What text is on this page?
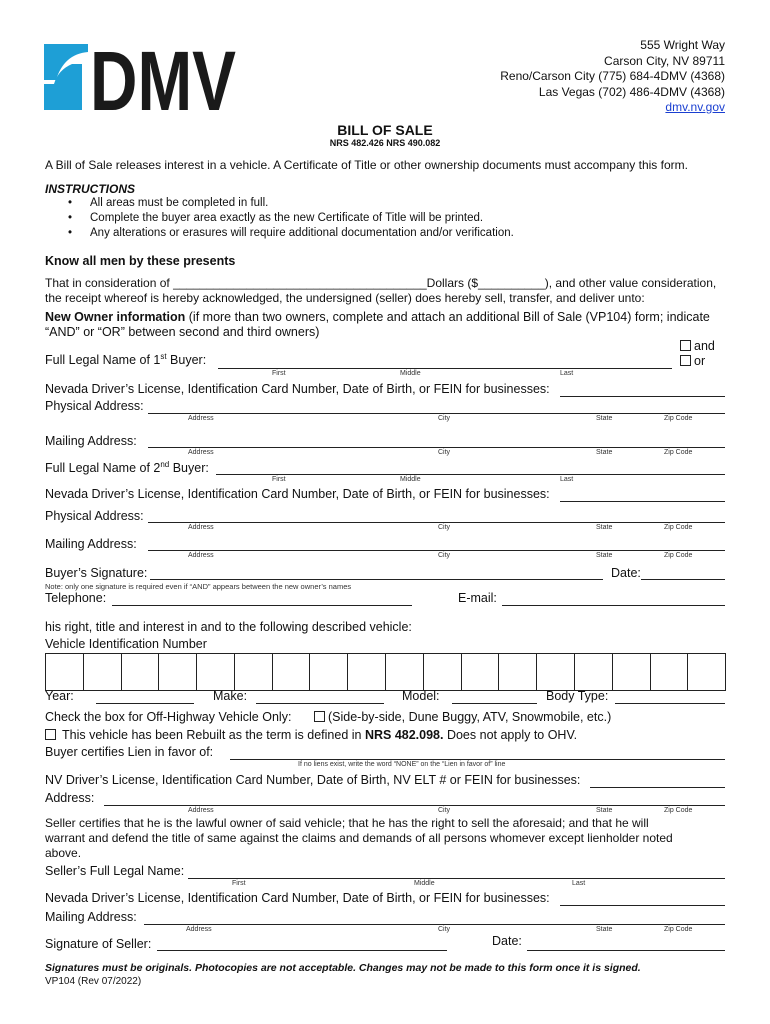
DMV	555 Wright Way
Carson City, NV 89711
Reno/Carson City (775) 684-4DMV (4368)
Las Vegas (702) 486-4DMV (4368)
dmv.nv.gov
BILL OF SALE
NRS 482.426 NRS 490.082
A Bill of Sale releases interest in a vehicle. A Certificate of Title or other ownership documents must accompany this form.
INSTRUCTIONS
• All areas must be completed in full.
• Complete the buyer area exactly as the new Certificate of Title will be printed.
• Any alterations or erasures will require additional documentation and/or verification.
Know all men by these presents
That in consideration of ______________________________________Dollars ($__________), and other value consideration,
the receipt whereof is hereby acknowledged, the undersigned (seller) does hereby sell, transfer, and deliver unto:
New Owner information (if more than two owners, complete and attach an additional Bill of Sale (VP104) form; indicate
“AND” or “OR” between second and third owners)
and
or
Full Legal Name of 1st Buyer:
First	Middle	Last
Nevada Driver’s License, Identification Card Number, Date of Birth, or FEIN for businesses:
Physical Address:
Address	City	State	Zip Code
Mailing Address:
Address	City	State	Zip Code
Full Legal Name of 2nd Buyer:
First	Middle	Last
Nevada Driver’s License, Identification Card Number, Date of Birth, or FEIN for businesses:
Physical Address:
Address	City	State	Zip Code
Mailing Address:
Address	City	State	Zip Code
Buyer’s Signature:	Date:
Note: only one signature is required even if “AND” appears between the new owner’s names
Telephone:	E-mail:
his right, title and interest in and to the following described vehicle:
Vehicle Identification Number
Year:	Make:	Model:	Body Type:
Check the box for Off-Highway Vehicle Only:	(Side-by-side, Dune Buggy, ATV, Snowmobile, etc.)
This vehicle has been Rebuilt as the term is defined in NRS 482.098. Does not apply to OHV.
Buyer certifies Lien in favor of:
If no liens exist, write the word “NONE” on the “Lien in favor of” line
NV Driver’s License, Identification Card Number, Date of Birth, NV ELT # or FEIN for businesses:
Address:
Address	City	State	Zip Code
Seller certifies that he is the lawful owner of said vehicle; that he has the right to sell the aforesaid; and that he will
warrant and defend the title of same against the claims and demands of all persons whomever except lienholder noted
above.
Seller’s Full Legal Name:
First	Middle	Last
Nevada Driver’s License, Identification Card Number, Date of Birth, or FEIN for businesses:
Mailing Address:
Address	City	State	Zip Code
Signature of Seller:	Date:
Signatures must be originals. Photocopies are not acceptable. Changes may not be made to this form once it is signed.
VP104 (Rev 07/2022)
